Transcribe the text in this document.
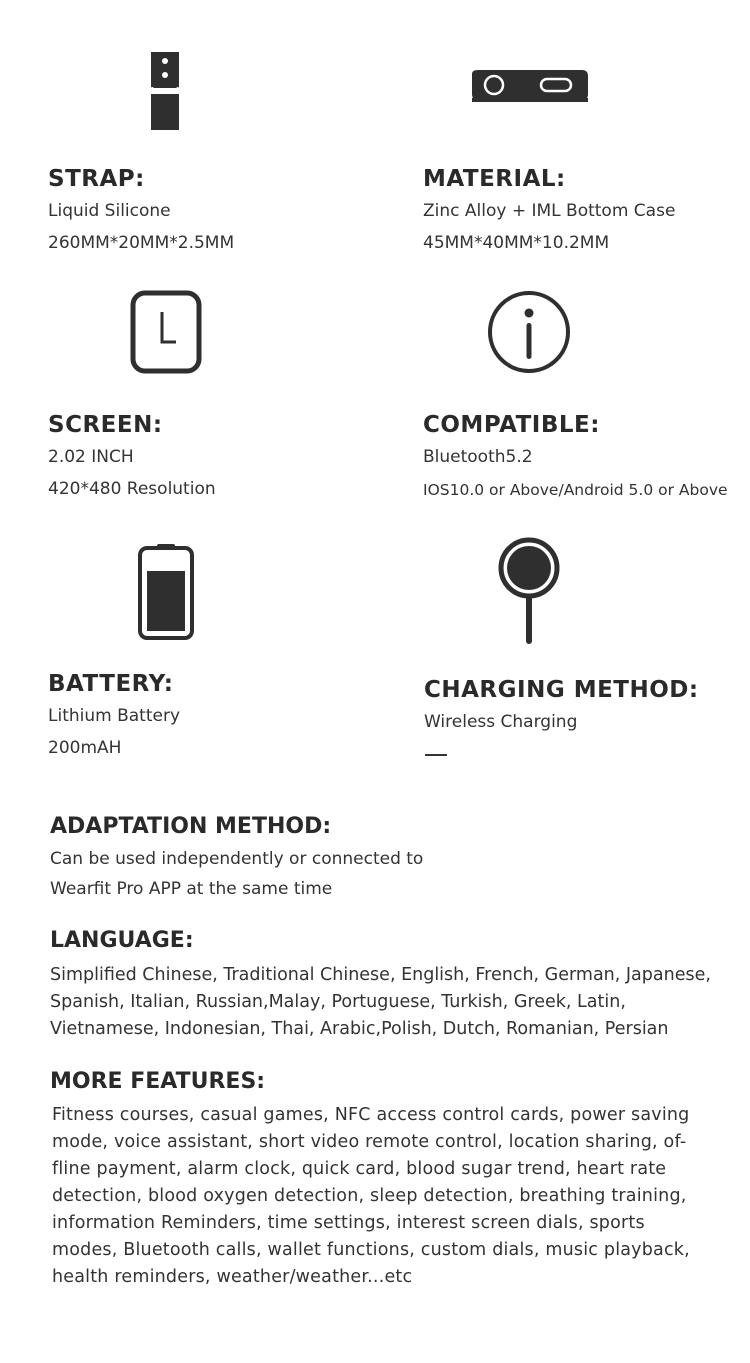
STRAP:
Liquid Silicone
260MM*20MM*2.5MM
MATERIAL:
Zinc Alloy + IML Bottom Case
45MM*40MM*10.2MM
SCREEN:
2.02 INCH
420*480 Resolution
COMPATIBLE:
Bluetooth5.2
IOS10.0 or Above/Android 5.0 or Above
BATTERY:
Lithium Battery
200mAH
CHARGING METHOD:
Wireless Charging
ADAPTATION METHOD:
Can be used independently or connected to
Wearfit Pro APP at the same time
LANGUAGE:
Simplified Chinese, Traditional Chinese, English, French, German, Japanese,
Spanish, Italian, Russian,Malay, Portuguese, Turkish, Greek, Latin,
Vietnamese, Indonesian, Thai, Arabic,Polish, Dutch, Romanian, Persian
MORE FEATURES:
Fitness courses, casual games, NFC access control cards, power saving
mode, voice assistant, short video remote control, location sharing, of-
fline payment, alarm clock, quick card, blood sugar trend, heart rate
detection, blood oxygen detection, sleep detection, breathing training,
information Reminders, time settings, interest screen dials, sports
modes, Bluetooth calls, wallet functions, custom dials, music playback,
health reminders, weather/weather...etc
